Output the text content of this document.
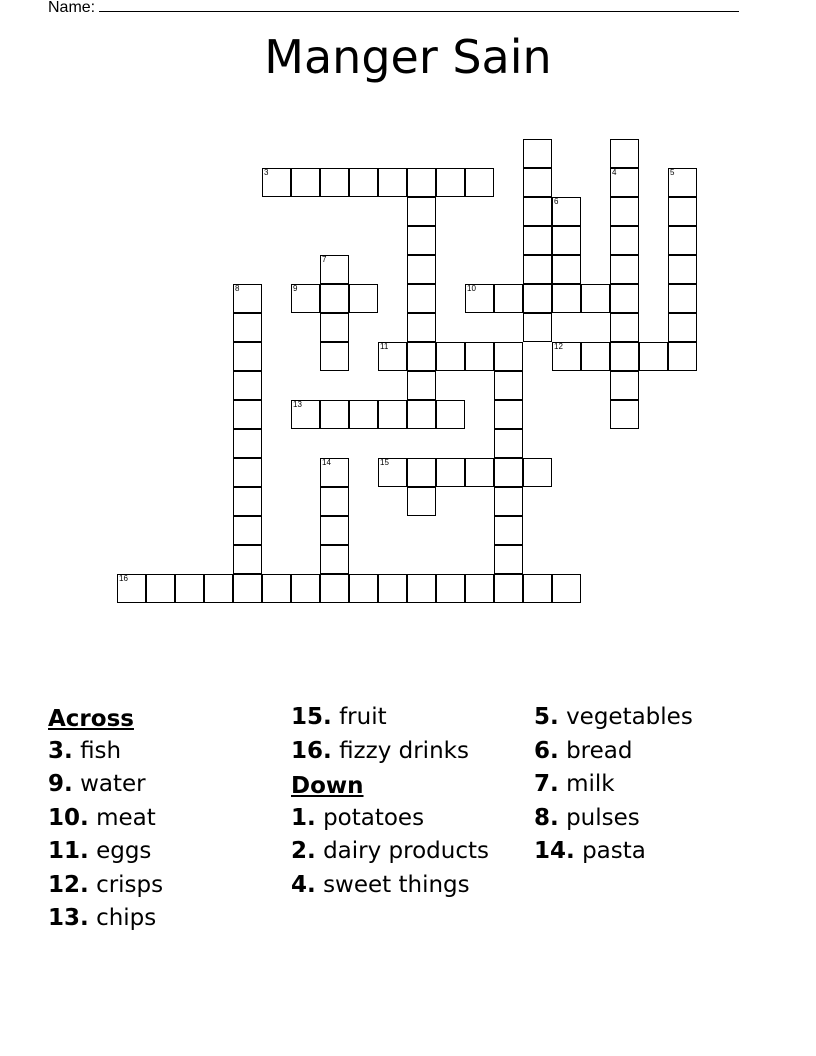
Name:
Manger Sain
3	4	5
6
7
8	9	10
11	12
13
14	15
16
Across
3. fish
9. water
10. meat
11. eggs
12. crisps
13. chips
15. fruit
16. fizzy drinks
Down
1. potatoes
2. dairy products
4. sweet things
5. vegetables
6. bread
7. milk
8. pulses
14. pasta
